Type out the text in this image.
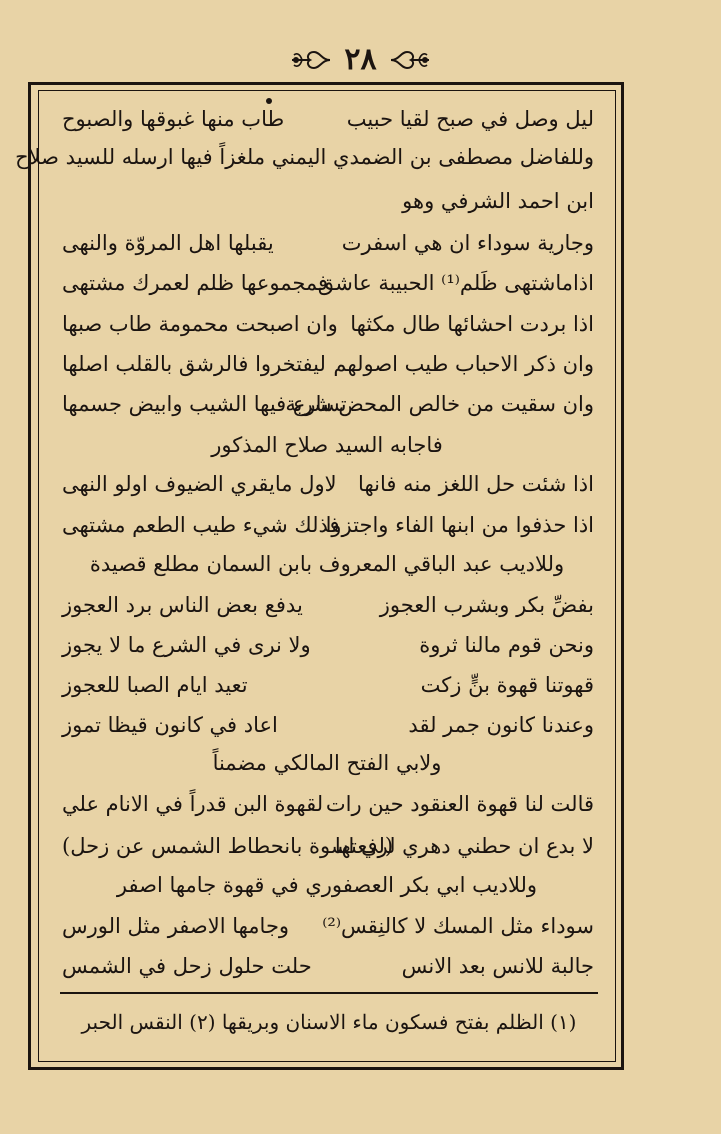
٢٨
ليل وصل في صبح لقيا حبيب
طاب منها غبوقها والصبوح
وللفاضل مصطفى بن الضمدي اليمني ملغزاً فيها ارسله للسيد صلاح
ابن احمد الشرفي وهو
وجارية سوداء ان هي اسفرت
يقبلها اهل المروّة والنهى
اذاماشتهى ظَلم⁽¹⁾ الحبيبة عاشق
فمجموعها ظلم لعمرك مشتهى
اذا بردت احشائها طال مكثها
وان اصبحت محمومة طاب صبها
وان ذكر الاحباب طيب اصولهم
ليفتخروا فالرشق بالقلب اصلها
وان سقيت من خالص المحض شربة
تسارع فيها الشيب وابيض جسمها
فاجابه السيد صلاح المذكور
اذا شئت حل اللغز منه فانها
لاول مايقري الضيوف اولو النهى
اذا حذفوا من ابنها الفاء واجتزوا
فذلك شيء طيب الطعم مشتهى
وللاديب عبد الباقي المعروف بابن السمان مطلع قصيدة
بفضِّ بكر وبشرب العجوز
يدفع بعض الناس برد العجوز
ونحن قوم مالنا ثروة
ولا نرى في الشرع ما لا يجوز
قهوتنا قهوة بنٍّ زكت
تعيد ايام الصبا للعجوز
وعندنا كانون جمر لقد
اعاد في كانون قيظا تموز
ولابي الفتح المالكي مضمناً
قالت لنا قهوة العنقود حين رات
لقهوة البن قدراً في الانام علي
لا بدع ان حطني دهري لرفعتها
(لي اسوة بانحطاط الشمس عن زحل)
وللاديب ابي بكر العصفوري في قهوة جامها اصفر
سوداء مثل المسك لا كالنِقس⁽²⁾
وجامها الاصفر مثل الورس
جالبة للانس بعد الانس
حلت حلول زحل في الشمس
(١) الظلم بفتح فسكون ماء الاسنان وبريقها (٢) النقس الحبر
